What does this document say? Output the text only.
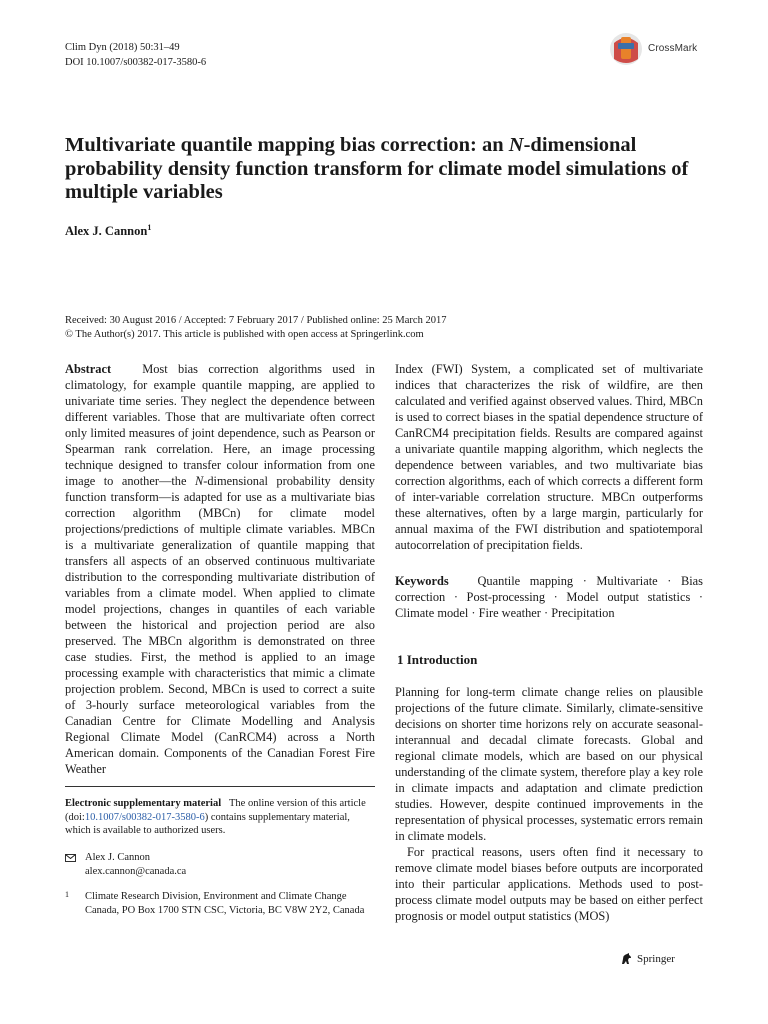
Clim Dyn (2018) 50:31–49
DOI 10.1007/s00382-017-3580-6
CrossMark
Multivariate quantile mapping bias correction: an N-dimensional probability density function transform for climate model simulations of multiple variables
Alex J. Cannon$^1$
Received: 30 August 2016 / Accepted: 7 February 2017 / Published online: 25 March 2017
© The Author(s) 2017. This article is published with open access at Springerlink.com

Abstract	Most bias correction algorithms used in climatology, for example quantile mapping, are applied to univariate time series. They neglect the dependence between different variables. Those that are multivariate often correct only limited measures of joint dependence, such as Pearson or Spearman rank correlation. Here, an image processing technique designed to transfer colour information from one image to another—the N-dimensional probability density function transform—is adapted for use as a multivariate bias correction algorithm (MBCn) for climate model projections/predictions of multiple climate variables. MBCn is a multivariate generalization of quantile mapping that transfers all aspects of an observed continuous multivariate distribution to the corresponding multivariate distribution of variables from a climate model. When applied to climate model projections, changes in quantiles of each variable between the historical and projection period are also preserved. The MBCn algorithm is demonstrated on three case studies. First, the method is applied to an image processing example with characteristics that mimic a climate projection problem. Second, MBCn is used to correct a suite of 3-hourly surface meteorological variables from the Canadian Centre for Climate Modelling and Analysis Regional Climate Model (CanRCM4) across a North American domain. Components of the Canadian Forest Fire Weather

Index (FWI) System, a complicated set of multivariate indices that characterizes the risk of wildfire, are then calculated and verified against observed values. Third, MBCn is used to correct biases in the spatial dependence structure of CanRCM4 precipitation fields. Results are compared against a univariate quantile mapping algorithm, which neglects the dependence between variables, and two multivariate bias correction algorithms, each of which corrects a different form of inter-variable correlation structure. MBCn outperforms these alternatives, often by a large margin, particularly for annual maxima of the FWI distribution and spatiotemporal autocorrelation of precipitation fields.

Keywords Quantile mapping · Multivariate · Bias correction · Post-processing · Model output statistics · Climate model · Fire weather · Precipitation

1 Introduction

Planning for long-term climate change relies on plausible projections of the future climate. Similarly, climate-sensitive decisions on shorter time horizons rely on accurate seasonal-interannual and decadal climate forecasts. Global and regional climate models, which are based on our physical understanding of the climate system, therefore play a key role in climate impacts and adaptation and climate prediction studies. However, despite continued improvements in the representation of physical processes, systematic errors remain in climate models.

For practical reasons, users often find it necessary to remove climate model biases before outputs are incorporated into their particular applications. Methods used to post-process climate model outputs may be based on either perfect prognosis or model output statistics (MOS)

Electronic supplementary material The online version of this article (doi:10.1007/s00382-017-3580-6) contains supplementary material, which is available to authorized users.
Alex J. Cannon
alex.cannon@canada.ca
1 Climate Research Division, Environment and Climate Change Canada, PO Box 1700 STN CSC, Victoria, BC V8W 2Y2, Canada
Springer
